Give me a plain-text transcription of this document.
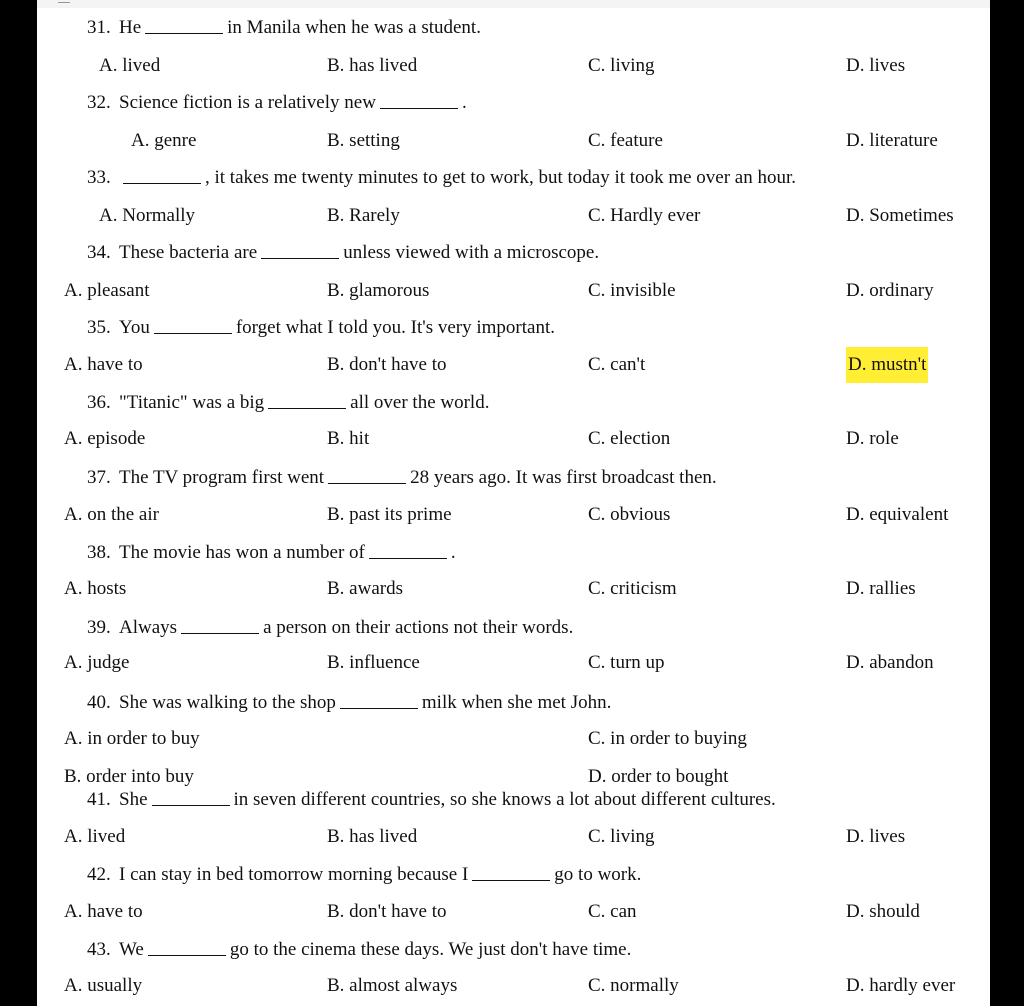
31. He	in Manila when he was a student.
A. lived	B. has lived	C. living	D. lives
32. Science fiction is a relatively new	.
A. genre	B. setting	C. feature	D. literature
33.	, it takes me twenty minutes to get to work, but today it took me over an hour.
A. Normally	B. Rarely	C. Hardly ever	D. Sometimes
34. These bacteria are	unless viewed with a microscope.
A. pleasant	B. glamorous	C. invisible	D. ordinary
35. You	forget what I told you. It's very important.
A. have to	B. don't have to	C. can't	D. mustn't
36. "Titanic" was a big	all over the world.
A. episode	B. hit	C. election	D. role
37. The TV program first went	28 years ago. It was first broadcast then.
A. on the air	B. past its prime	C. obvious	D. equivalent
38. The movie has won a number of	.
A. hosts	B. awards	C. criticism	D. rallies
39. Always	a person on their actions not their words.
A. judge	B. influence	C. turn up	D. abandon
40. She was walking to the shop	milk when she met John.
A. in order to buy	C. in order to buying
B. order into buy	D. order to bought
41. She	in seven different countries, so she knows a lot about different cultures.
A. lived	B. has lived	C. living	D. lives
42. I can stay in bed tomorrow morning because I	go to work.
A. have to	B. don't have to	C. can	D. should
43. We	go to the cinema these days. We just don't have time.
A. usually	B. almost always	C. normally	D. hardly ever
